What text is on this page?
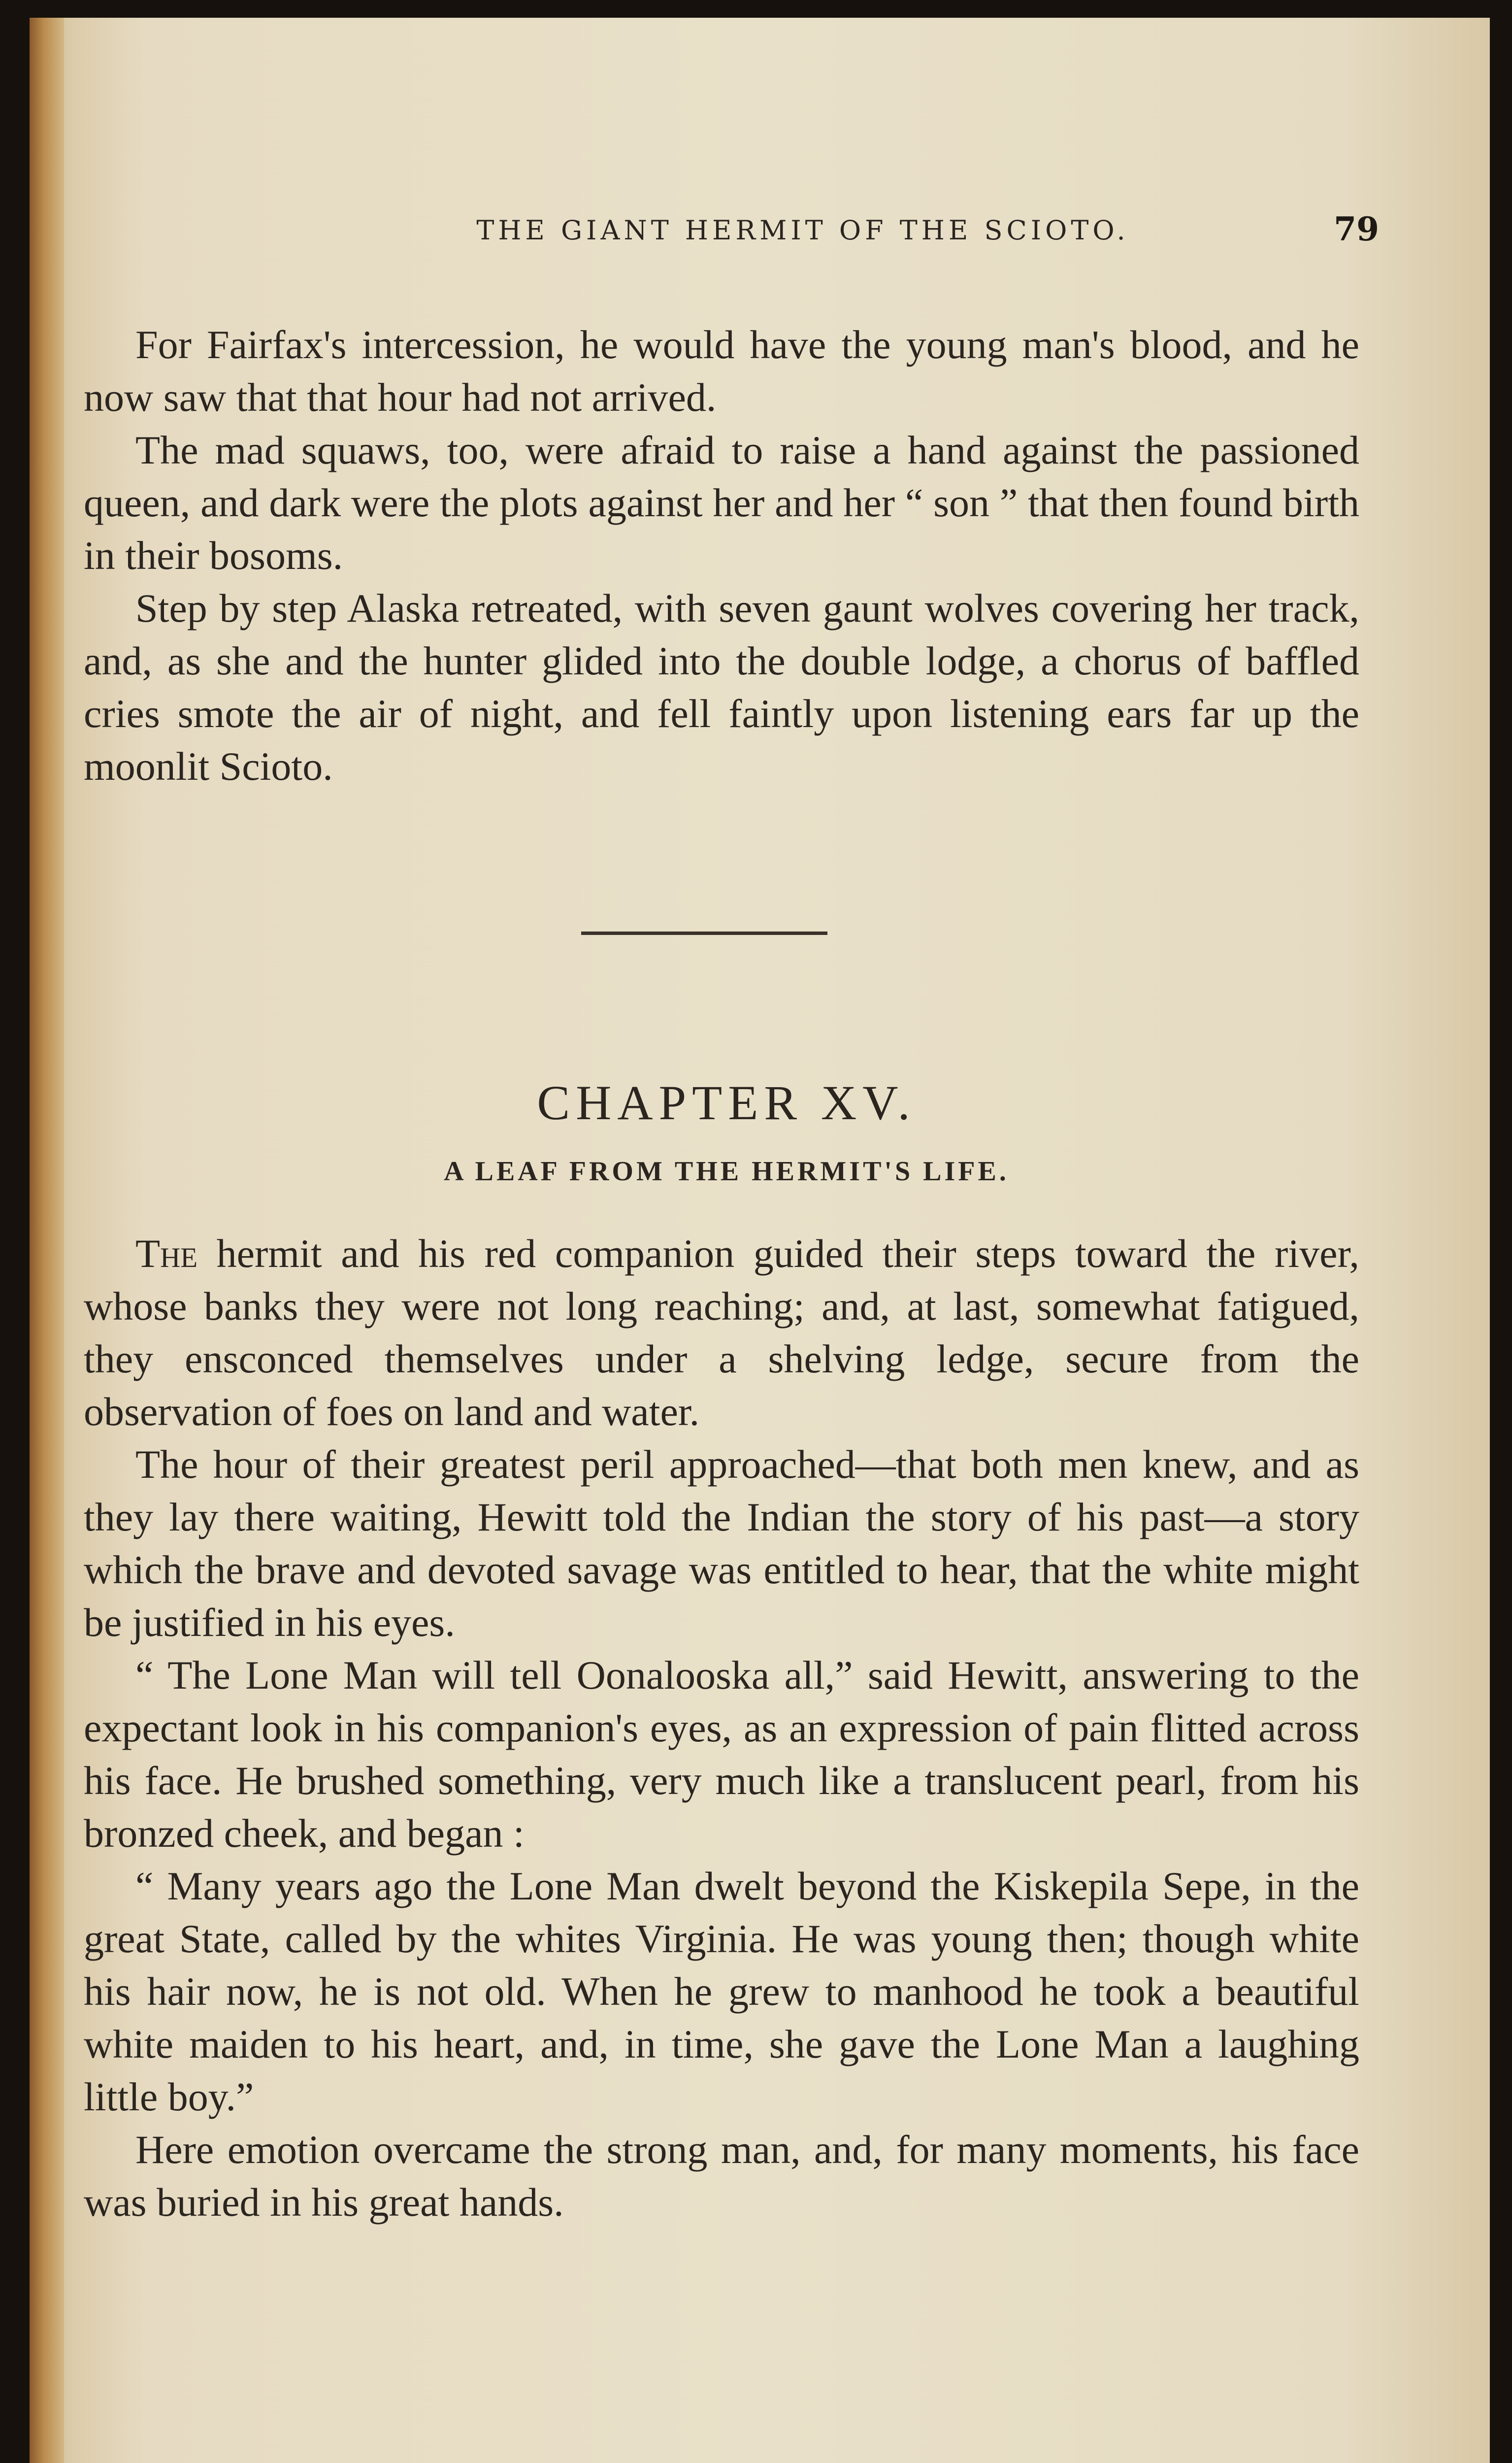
THE GIANT HERMIT OF THE SCIOTO.	79

For Fairfax's intercession, he would have the young man's blood, and he now saw that that hour had not arrived.

The mad squaws, too, were afraid to raise a hand against the passioned queen, and dark were the plots against her and her “ son ” that then found birth in their bosoms.

Step by step Alaska retreated, with seven gaunt wolves covering her track, and, as she and the hunter glided into the double lodge, a chorus of baffled cries smote the air of night, and fell faintly upon listening ears far up the moonlit Scioto.

CHAPTER XV.
A LEAF FROM THE HERMIT'S LIFE.

The hermit and his red companion guided their steps toward the river, whose banks they were not long reaching; and, at last, somewhat fatigued, they ensconced themselves under a shelving ledge, secure from the observation of foes on land and water.

The hour of their greatest peril approached—that both men knew, and as they lay there waiting, Hewitt told the Indian the story of his past—a story which the brave and devoted savage was entitled to hear, that the white might be justified in his eyes.

“ The Lone Man will tell Oonalooska all,” said Hewitt, answering to the expectant look in his companion's eyes, as an expression of pain flitted across his face. He brushed something, very much like a translucent pearl, from his bronzed cheek, and began :

“ Many years ago the Lone Man dwelt beyond the Kiskepila Sepe, in the great State, called by the whites Virginia. He was young then; though white his hair now, he is not old. When he grew to manhood he took a beautiful white maiden to his heart, and, in time, she gave the Lone Man a laughing little boy.”

Here emotion overcame the strong man, and, for many moments, his face was buried in his great hands.
